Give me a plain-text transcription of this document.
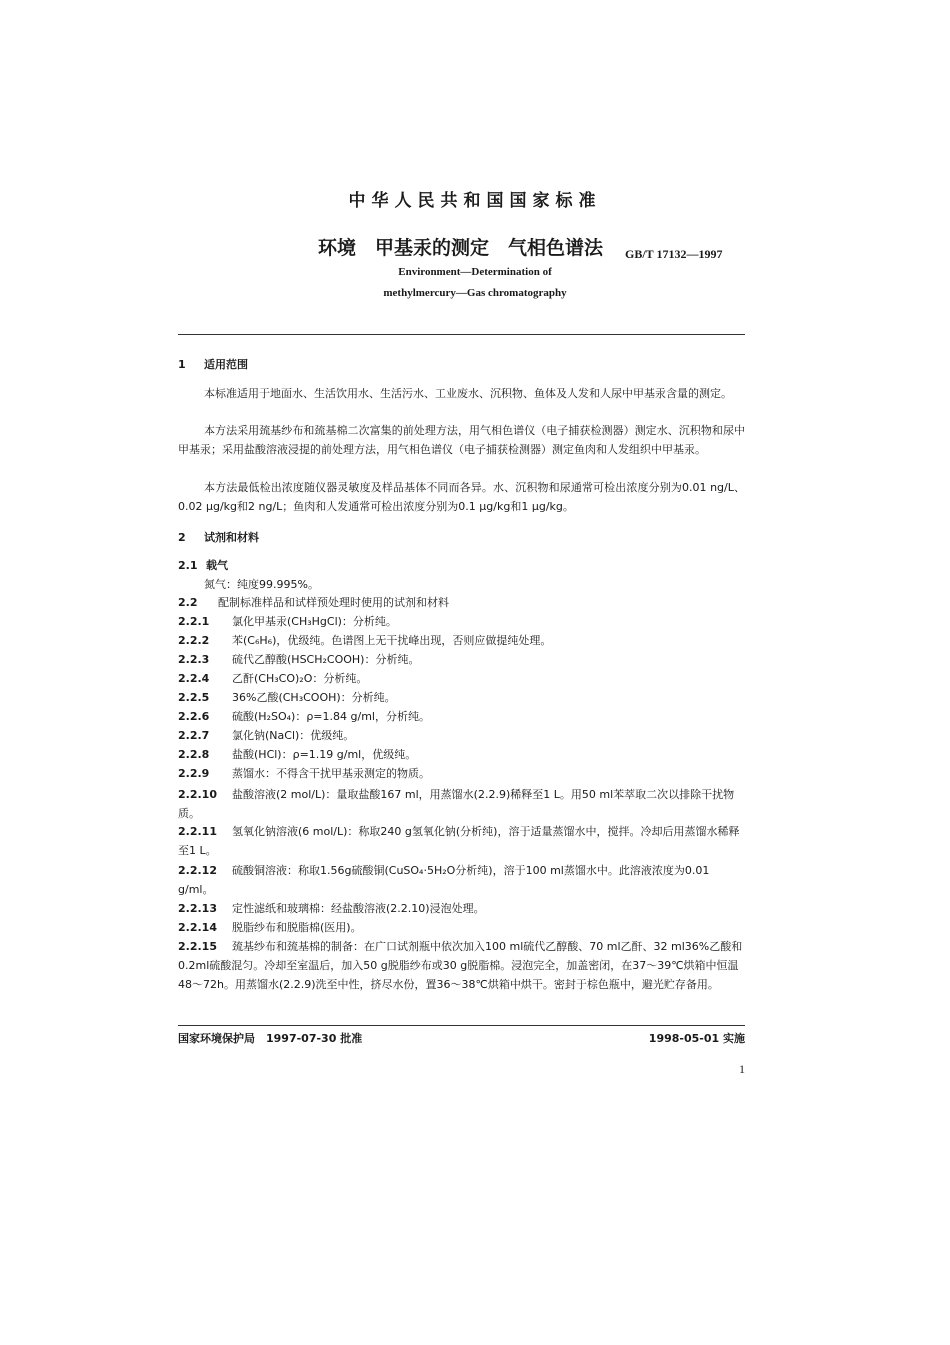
中华人民共和国国家标准
环境　甲基汞的测定　气相色谱法 GB/T 17132—1997
Environment—Determination of
methylmercury—Gas chromatography
1 适用范围
本标准适用于地面水、生活饮用水、生活污水、工业废水、沉积物、鱼体及人发和人尿中甲基汞含量的测定。
本方法采用巯基纱布和巯基棉二次富集的前处理方法，用气相色谱仪（电子捕获检测器）测定水、沉积物和尿中甲基汞；采用盐酸溶液浸提的前处理方法，用气相色谱仪（电子捕获检测器）测定鱼肉和人发组织中甲基汞。
本方法最低检出浓度随仪器灵敏度及样品基体不同而各异。水、沉积物和尿通常可检出浓度分别为0.01 ng/L、0.02 μg/kg和2 ng/L；鱼肉和人发通常可检出浓度分别为0.1 μg/kg和1 μg/kg。
2 试剂和材料
2.1 载气
氮气：纯度99.995%。
2.2 配制标准样品和试样预处理时使用的试剂和材料
2.2.1 氯化甲基汞(CH₃HgCl)：分析纯。
2.2.2 苯(C₆H₆)，优级纯。色谱图上无干扰峰出现，否则应做提纯处理。
2.2.3 硫代乙醇酸(HSCH₂COOH)：分析纯。
2.2.4 乙酐(CH₃CO)₂O：分析纯。
2.2.5 36%乙酸(CH₃COOH)：分析纯。
2.2.6 硫酸(H₂SO₄)：ρ=1.84 g/ml，分析纯。
2.2.7 氯化钠(NaCl)：优级纯。
2.2.8 盐酸(HCl)：ρ=1.19 g/ml，优级纯。
2.2.9 蒸馏水：不得含干扰甲基汞测定的物质。
2.2.10 盐酸溶液(2 mol/L)：量取盐酸167 ml，用蒸馏水(2.2.9)稀释至1 L。用50 ml苯萃取二次以排除干扰物质。
2.2.11 氢氧化钠溶液(6 mol/L)：称取240 g氢氧化钠(分析纯)，溶于适量蒸馏水中，搅拌。冷却后用蒸馏水稀释至1 L。
2.2.12 硫酸铜溶液：称取1.56g硫酸铜(CuSO₄·5H₂O分析纯)，溶于100 ml蒸馏水中。此溶液浓度为0.01 g/ml。
2.2.13 定性滤纸和玻璃棉：经盐酸溶液(2.2.10)浸泡处理。
2.2.14 脱脂纱布和脱脂棉(医用)。
2.2.15 巯基纱布和巯基棉的制备：在广口试剂瓶中依次加入100 ml硫代乙醇酸、70 ml乙酐、32 ml36%乙酸和0.2ml硫酸混匀。冷却至室温后，加入50 g脱脂纱布或30 g脱脂棉。浸泡完全，加盖密闭，在37～39℃烘箱中恒温48～72h。用蒸馏水(2.2.9)洗至中性，挤尽水份，置36～38℃烘箱中烘干。密封于棕色瓶中，避光贮存备用。
国家环境保护局　1997-07-30 批准	1998-05-01 实施
1
